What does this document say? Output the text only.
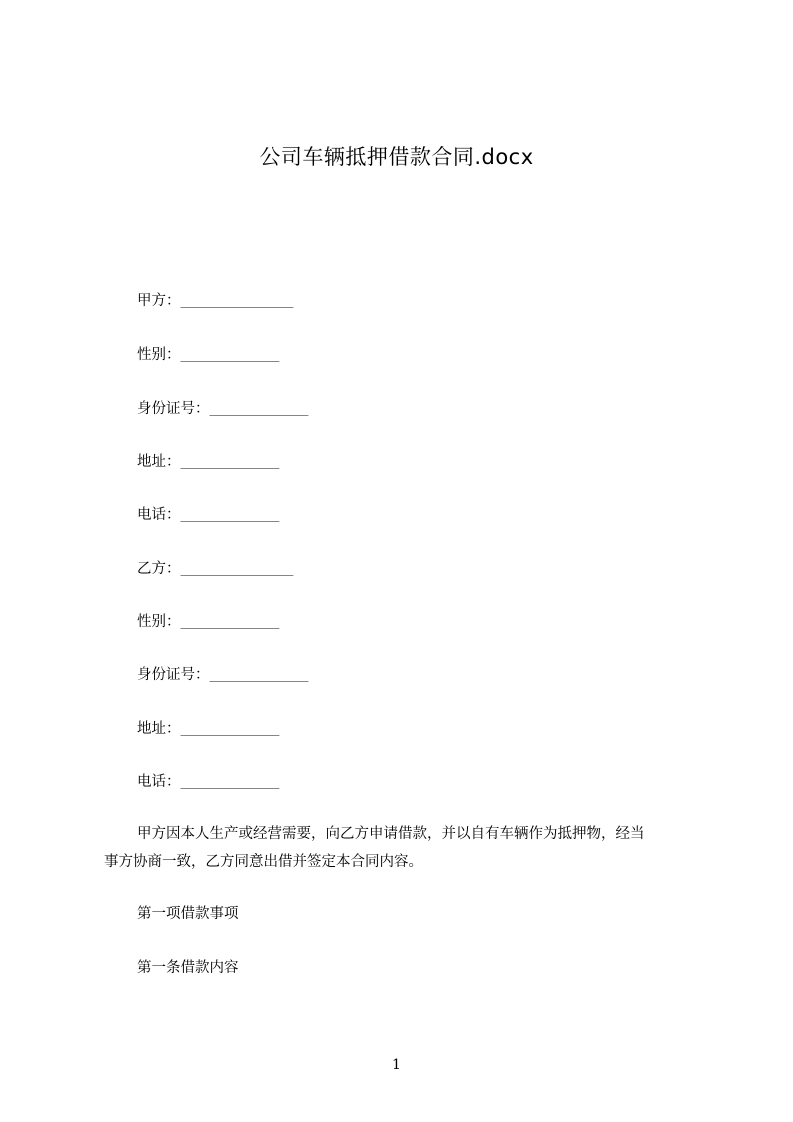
公司车辆抵押借款合同.docx
甲方：________________
性别：______________
身份证号：______________
地址：______________
电话：______________
乙方：________________
性别：______________
身份证号：______________
地址：______________
电话：______________
甲方因本人生产或经营需要，向乙方申请借款，并以自有车辆作为抵押物，经当
事方协商一致，乙方同意出借并签定本合同内容。
第一项借款事项
第一条借款内容
1
